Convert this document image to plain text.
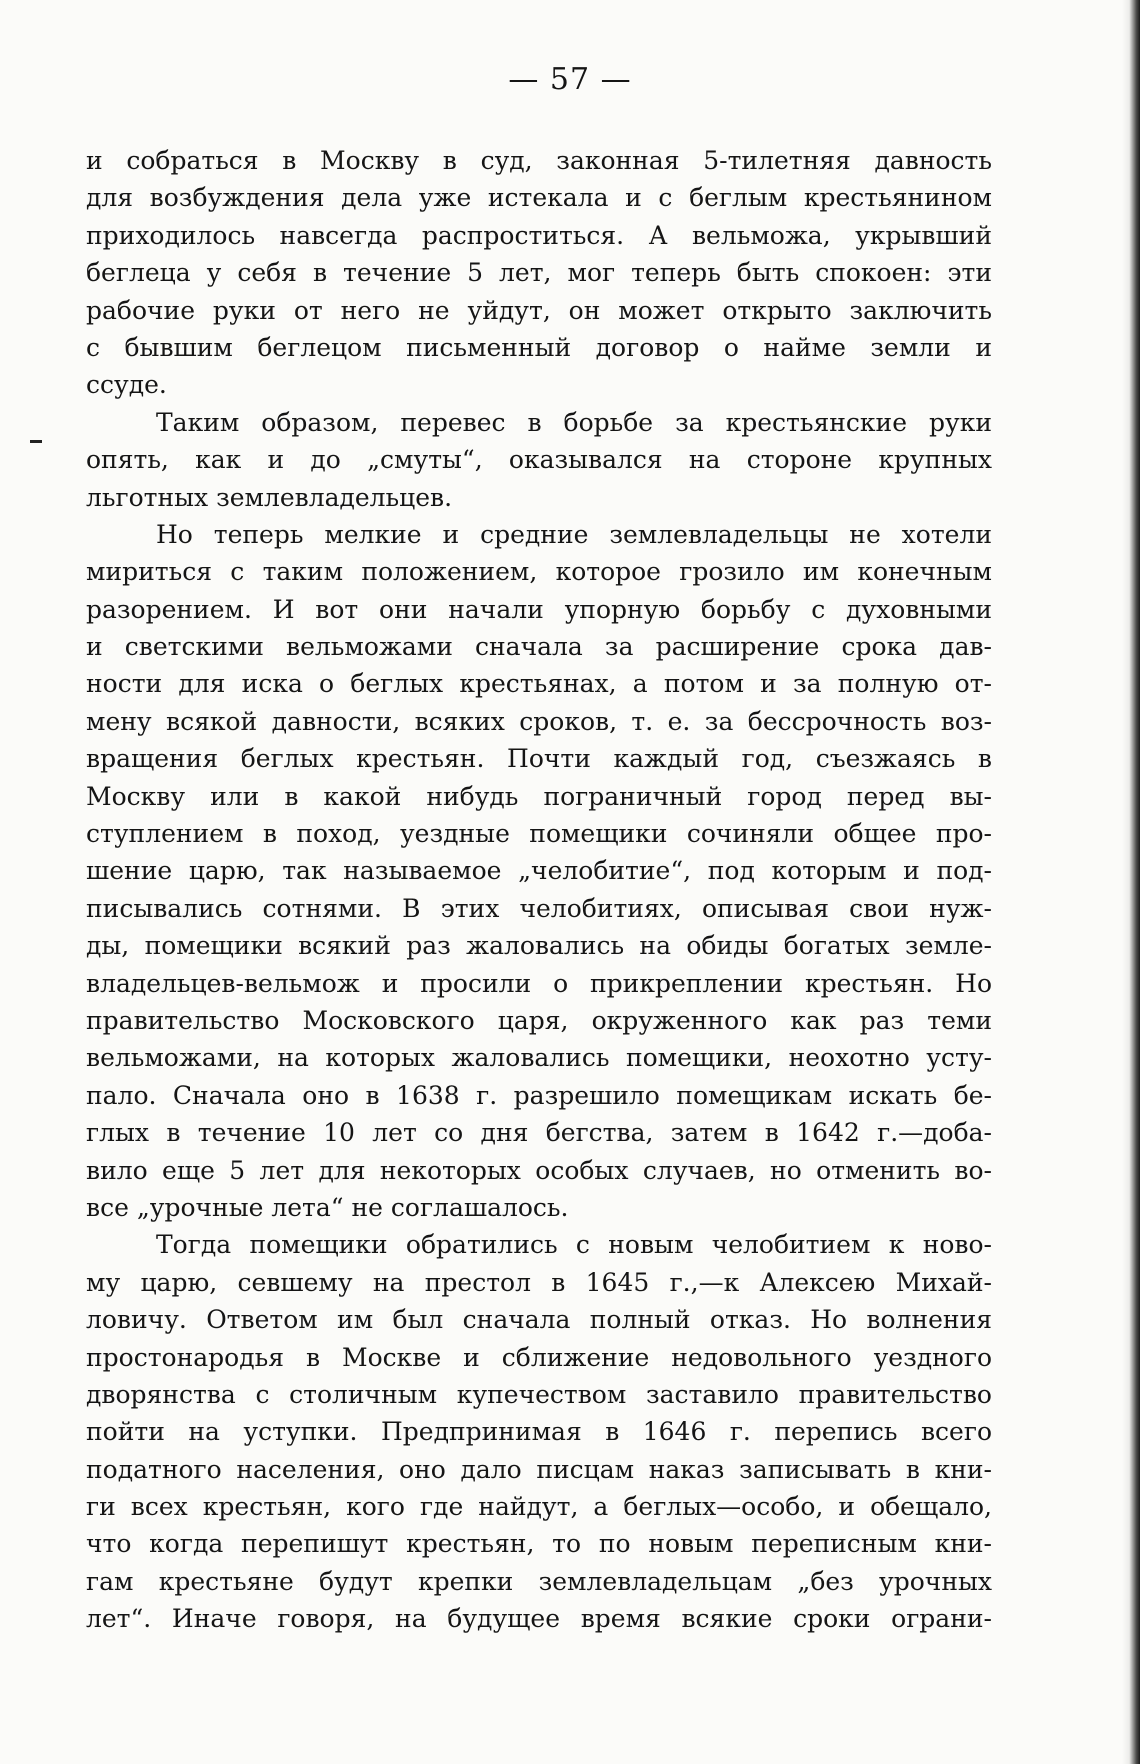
— 57 —
и собраться в Москву в суд, законная 5-тилетняя давность
для возбуждения дела уже истекала и с беглым крестьянином
приходилось навсегда распроститься. А вельможа, укрывший
беглеца у себя в течение 5 лет, мог теперь быть спокоен: эти
рабочие руки от него не уйдут, он может открыто заключить
с бывшим беглецом письменный договор о найме земли и
ссуде.
Таким образом, перевес в борьбе за крестьянские руки
опять, как и до „смуты“, оказывался на стороне крупных
льготных землевладельцев.
Но теперь мелкие и средние землевладельцы не хотели
мириться с таким положением, которое грозило им конечным
разорением. И вот они начали упорную борьбу с духовными
и светскими вельможами сначала за расширение срока дав-
ности для иска о беглых крестьянах, а потом и за полную от-
мену всякой давности, всяких сроков, т. е. за бессрочность воз-
вращения беглых крестьян. Почти каждый год, съезжаясь в
Москву или в какой нибудь пограничный город перед вы-
ступлением в поход, уездные помещики сочиняли общее про-
шение царю, так называемое „челобитие“, под которым и под-
писывались сотнями. В этих челобитиях, описывая свои нуж-
ды, помещики всякий раз жаловались на обиды богатых земле-
владельцев-вельмож и просили о прикреплении крестьян. Но
правительство Московского царя, окруженного как раз теми
вельможами, на которых жаловались помещики, неохотно усту-
пало. Сначала оно в 1638 г. разрешило помещикам искать бе-
глых в течение 10 лет со дня бегства, затем в 1642 г.—доба-
вило еще 5 лет для некоторых особых случаев, но отменить во-
все „урочные лета“ не соглашалось.
Тогда помещики обратились с новым челобитием к ново-
му царю, севшему на престол в 1645 г.,—к Алексею Михай-
ловичу. Ответом им был сначала полный отказ. Но волнения
простонародья в Москве и сближение недовольного уездного
дворянства с столичным купечеством заставило правительство
пойти на уступки. Предпринимая в 1646 г. перепись всего
податного населения, оно дало писцам наказ записывать в кни-
ги всех крестьян, кого где найдут, а беглых—особо, и обещало,
что когда перепишут крестьян, то по новым переписным кни-
гам крестьяне будут крепки землевладельцам „без урочных
лет“. Иначе говоря, на будущее время всякие сроки ограни-
